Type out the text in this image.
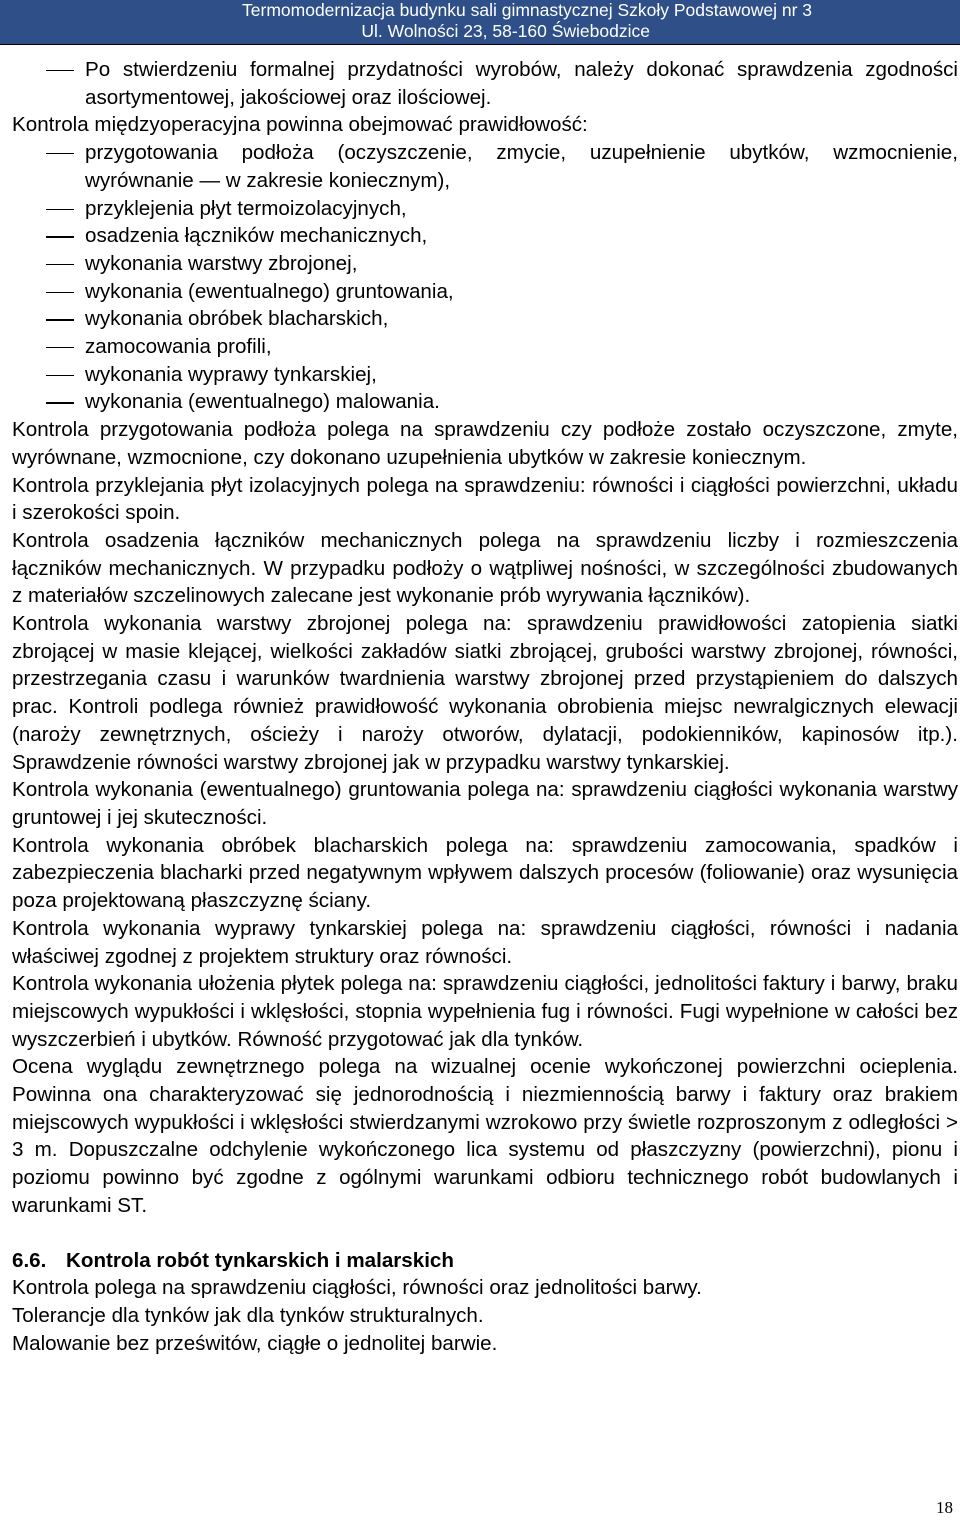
Termomodernizacja budynku sali gimnastycznej Szkoły Podstawowej nr 3
Ul. Wolności 23, 58-160 Świebodzice
Po stwierdzeniu formalnej przydatności wyrobów, należy dokonać sprawdzenia zgodności asortymentowej, jakościowej oraz ilościowej.
Kontrola międzyoperacyjna powinna obejmować prawidłowość:
przygotowania podłoża (oczyszczenie, zmycie, uzupełnienie ubytków, wzmocnienie, wyrównanie — w zakresie koniecznym),
przyklejenia płyt termoizolacyjnych,
osadzenia łączników mechanicznych,
wykonania warstwy zbrojonej,
wykonania (ewentualnego) gruntowania,
wykonania obróbek blacharskich,
zamocowania profili,
wykonania wyprawy tynkarskiej,
wykonania (ewentualnego) malowania.
Kontrola przygotowania podłoża polega na sprawdzeniu czy podłoże zostało oczyszczone, zmyte, wyrównane, wzmocnione, czy dokonano uzupełnienia ubytków w zakresie koniecznym.
Kontrola przyklejania płyt izolacyjnych polega na sprawdzeniu: równości i ciągłości powierzchni, układu i szerokości spoin.
Kontrola osadzenia łączników mechanicznych polega na sprawdzeniu liczby i rozmieszczenia łączników mechanicznych. W przypadku podłoży o wątpliwej nośności, w szczególności zbudowanych z materiałów szczelinowych zalecane jest wykonanie prób wyrywania łączników).
Kontrola wykonania warstwy zbrojonej polega na: sprawdzeniu prawidłowości zatopienia siatki zbrojącej w masie klejącej, wielkości zakładów siatki zbrojącej, grubości warstwy zbrojonej, równości, przestrzegania czasu i warunków twardnienia warstwy zbrojonej przed przystąpieniem do dalszych prac. Kontroli podlega również prawidłowość wykonania obrobienia miejsc newralgicznych elewacji (naroży zewnętrznych, ościeży i naroży otworów, dylatacji, podokienników, kapinosów itp.). Sprawdzenie równości warstwy zbrojonej jak w przypadku warstwy tynkarskiej.
Kontrola wykonania (ewentualnego) gruntowania polega na: sprawdzeniu ciągłości wykonania warstwy gruntowej i jej skuteczności.
Kontrola wykonania obróbek blacharskich polega na: sprawdzeniu zamocowania, spadków i zabezpieczenia blacharki przed negatywnym wpływem dalszych procesów (foliowanie) oraz wysunięcia poza projektowaną płaszczyznę ściany.
Kontrola wykonania wyprawy tynkarskiej polega na: sprawdzeniu ciągłości, równości i nadania właściwej zgodnej z projektem struktury oraz równości.
Kontrola wykonania ułożenia płytek polega na: sprawdzeniu ciągłości, jednolitości faktury i barwy, braku miejscowych wypukłości i wklęsłości, stopnia wypełnienia fug i równości. Fugi wypełnione w całości bez wyszczerbień i ubytków. Równość przygotować jak dla tynków.
Ocena wyglądu zewnętrznego polega na wizualnej ocenie wykończonej powierzchni ocieplenia. Powinna ona charakteryzować się jednorodnością i niezmiennością barwy i faktury oraz brakiem miejscowych wypukłości i wklęsłości stwierdzanymi wzrokowo przy świetle rozproszonym z odległości > 3 m. Dopuszczalne odchylenie wykończonego lica systemu od płaszczyzny (powierzchni), pionu i poziomu powinno być zgodne z ogólnymi warunkami odbioru technicznego robót budowlanych i warunkami ST.
6.6. Kontrola robót tynkarskich i malarskich
Kontrola polega na sprawdzeniu ciągłości, równości oraz jednolitości barwy.
Tolerancje dla tynków jak dla tynków strukturalnych.
Malowanie bez prześwitów, ciągłe o jednolitej barwie.
18
